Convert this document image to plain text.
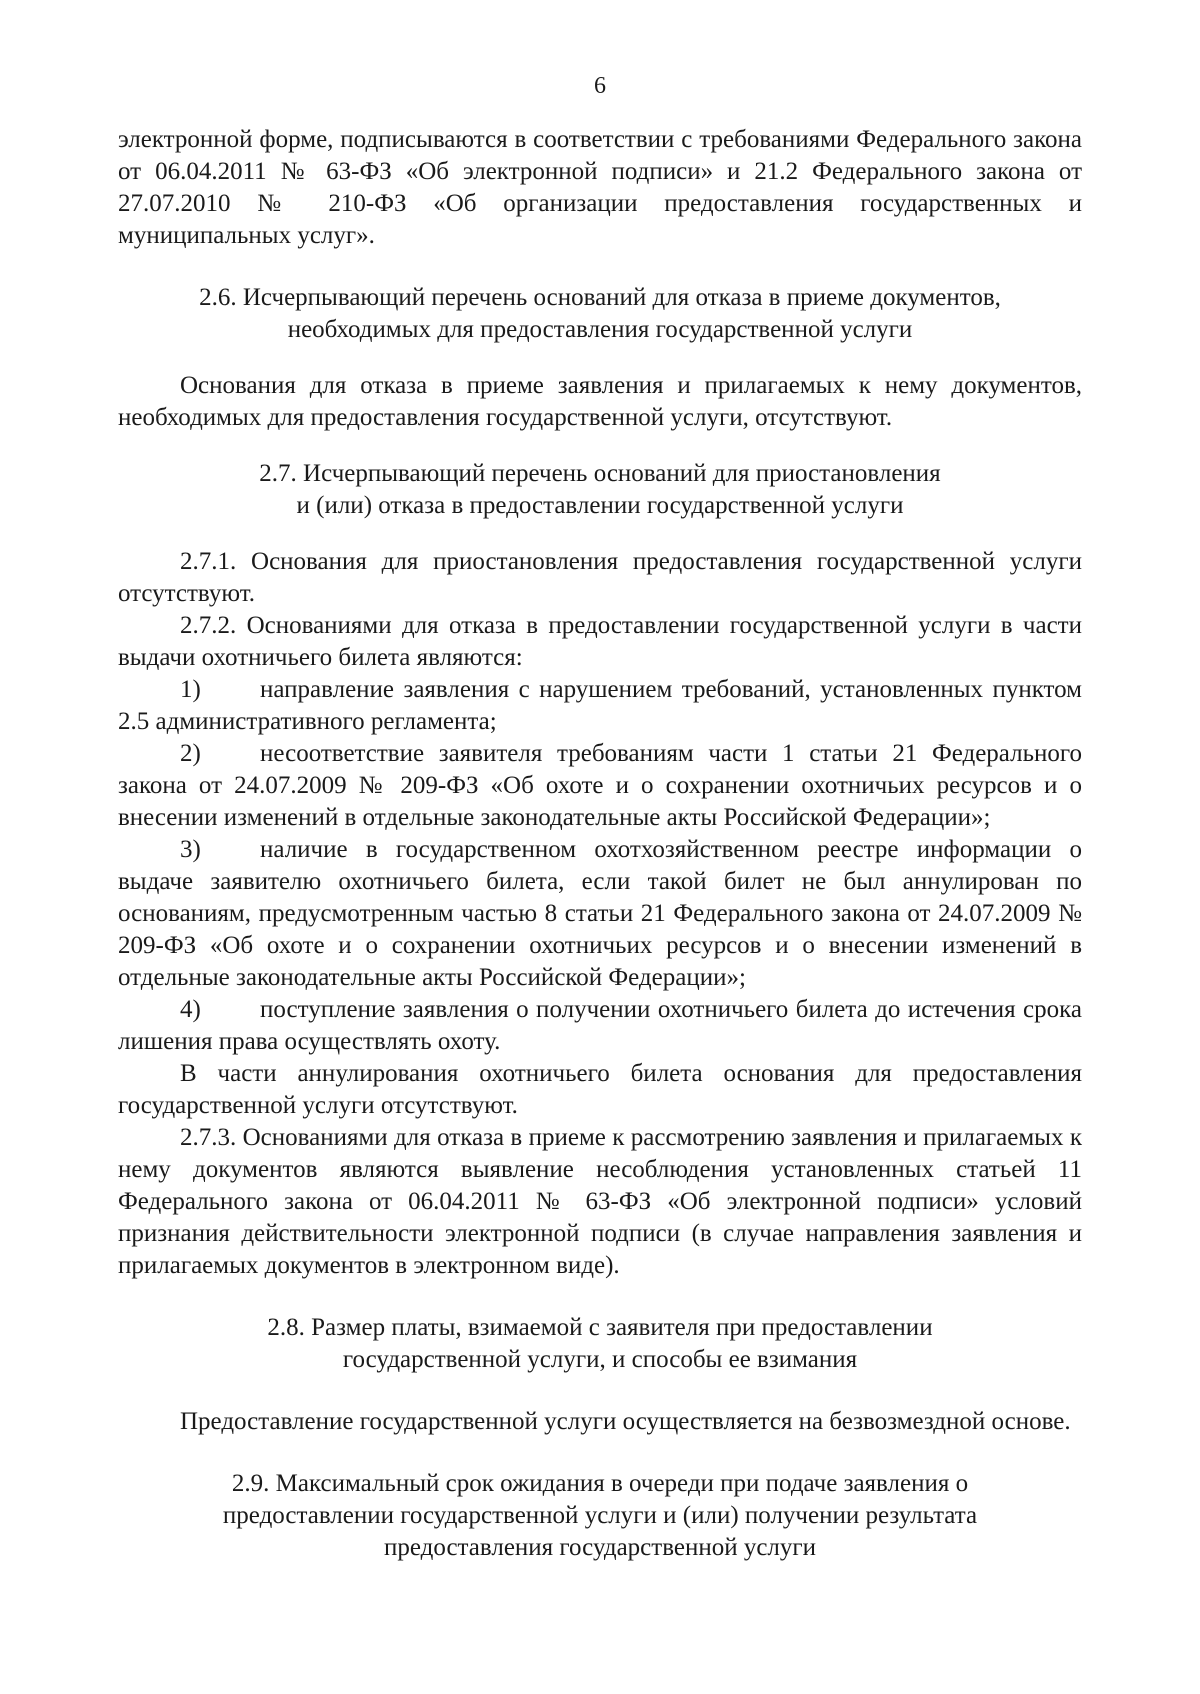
6

электронной форме, подписываются в соответствии с требованиями Федерального закона от 06.04.2011 № 63-ФЗ «Об электронной подписи» и 21.2 Федерального закона от 27.07.2010 № 210-ФЗ «Об организации предоставления государственных и муниципальных услуг».

2.6. Исчерпывающий перечень оснований для отказа в приеме документов,
необходимых для предоставления государственной услуги

Основания для отказа в приеме заявления и прилагаемых к нему документов, необходимых для предоставления государственной услуги, отсутствуют.

2.7. Исчерпывающий перечень оснований для приостановления
и (или) отказа в предоставлении государственной услуги

2.7.1. Основания для приостановления предоставления государственной услуги отсутствуют.

2.7.2. Основаниями для отказа в предоставлении государственной услуги в части выдачи охотничьего билета являются:

1) направление заявления с нарушением требований, установленных пунктом 2.5 административного регламента;
2) несоответствие заявителя требованиям части 1 статьи 21 Федерального закона от 24.07.2009 № 209-ФЗ «Об охоте и о сохранении охотничьих ресурсов и о внесении изменений в отдельные законодательные акты Российской Федерации»;
3) наличие в государственном охотхозяйственном реестре информации о выдаче заявителю охотничьего билета, если такой билет не был аннулирован по основаниям, предусмотренным частью 8 статьи 21 Федерального закона от 24.07.2009 № 209-ФЗ «Об охоте и о сохранении охотничьих ресурсов и о внесении изменений в отдельные законодательные акты Российской Федерации»;
4) поступление заявления о получении охотничьего билета до истечения срока лишения права осуществлять охоту.

В части аннулирования охотничьего билета основания для предоставления государственной услуги отсутствуют.

2.7.3. Основаниями для отказа в приеме к рассмотрению заявления и прилагаемых к нему документов являются выявление несоблюдения установленных статьей 11 Федерального закона от 06.04.2011 № 63-ФЗ «Об электронной подписи» условий признания действительности электронной подписи (в случае направления заявления и прилагаемых документов в электронном виде).

2.8. Размер платы, взимаемой с заявителя при предоставлении
государственной услуги, и способы ее взимания

Предоставление государственной услуги осуществляется на безвозмездной основе.

2.9. Максимальный срок ожидания в очереди при подаче заявления о
предоставлении государственной услуги и (или) получении результата
предоставления государственной услуги
